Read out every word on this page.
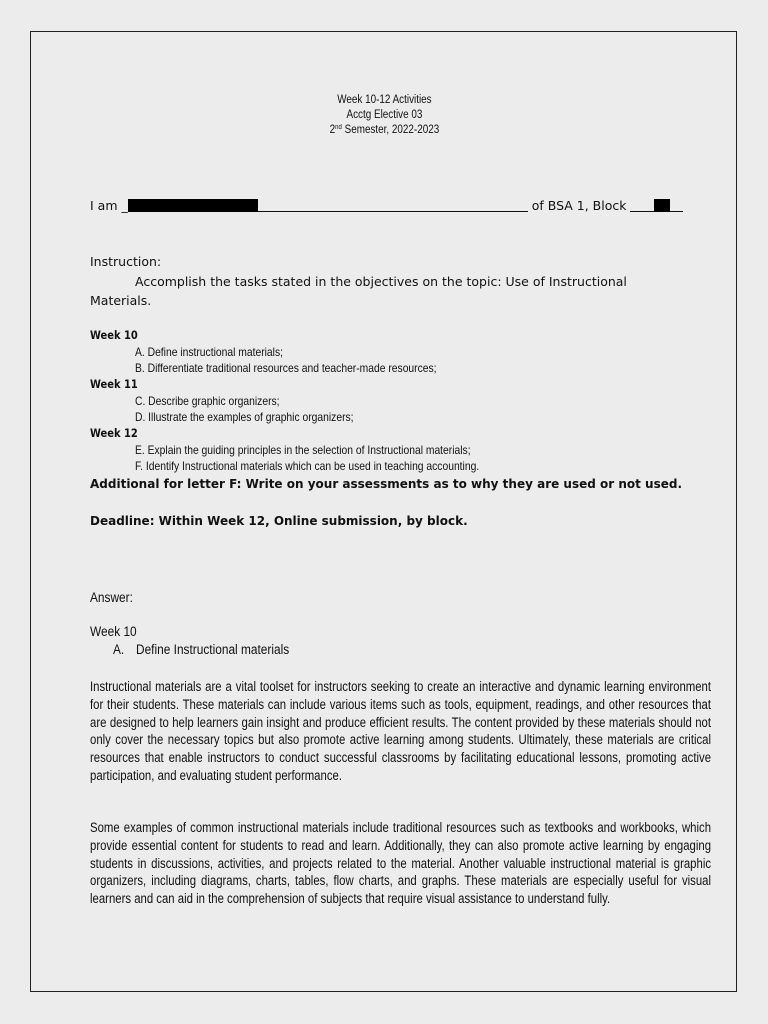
Week 10-12 Activities
Acctg Elective 03
2nd Semester, 2022-2023
I am _	of BSA 1, Block
Instruction:
Accomplish the tasks stated in the objectives on the topic: Use of Instructional Materials.
Week 10
A. Define instructional materials;
B. Differentiate traditional resources and teacher-made resources;
Week 11
C. Describe graphic organizers;
D. Illustrate the examples of graphic organizers;
Week 12
E. Explain the guiding principles in the selection of Instructional materials;
F. Identify Instructional materials which can be used in teaching accounting.
Additional for letter F: Write on your assessments as to why they are used or not used.
Deadline: Within Week 12, Online submission, by block.
Answer:
Week 10
A. Define Instructional materials
Instructional materials are a vital toolset for instructors seeking to create an interactive and dynamic learning environment for their students. These materials can include various items such as tools, equipment, readings, and other resources that are designed to help learners gain insight and produce efficient results. The content provided by these materials should not only cover the necessary topics but also promote active learning among students. Ultimately, these materials are critical resources that enable instructors to conduct successful classrooms by facilitating educational lessons, promoting active participation, and evaluating student performance.
Some examples of common instructional materials include traditional resources such as textbooks and workbooks, which provide essential content for students to read and learn. Additionally, they can also promote active learning by engaging students in discussions, activities, and projects related to the material. Another valuable instructional material is graphic organizers, including diagrams, charts, tables, flow charts, and graphs. These materials are especially useful for visual learners and can aid in the comprehension of subjects that require visual assistance to understand fully.
